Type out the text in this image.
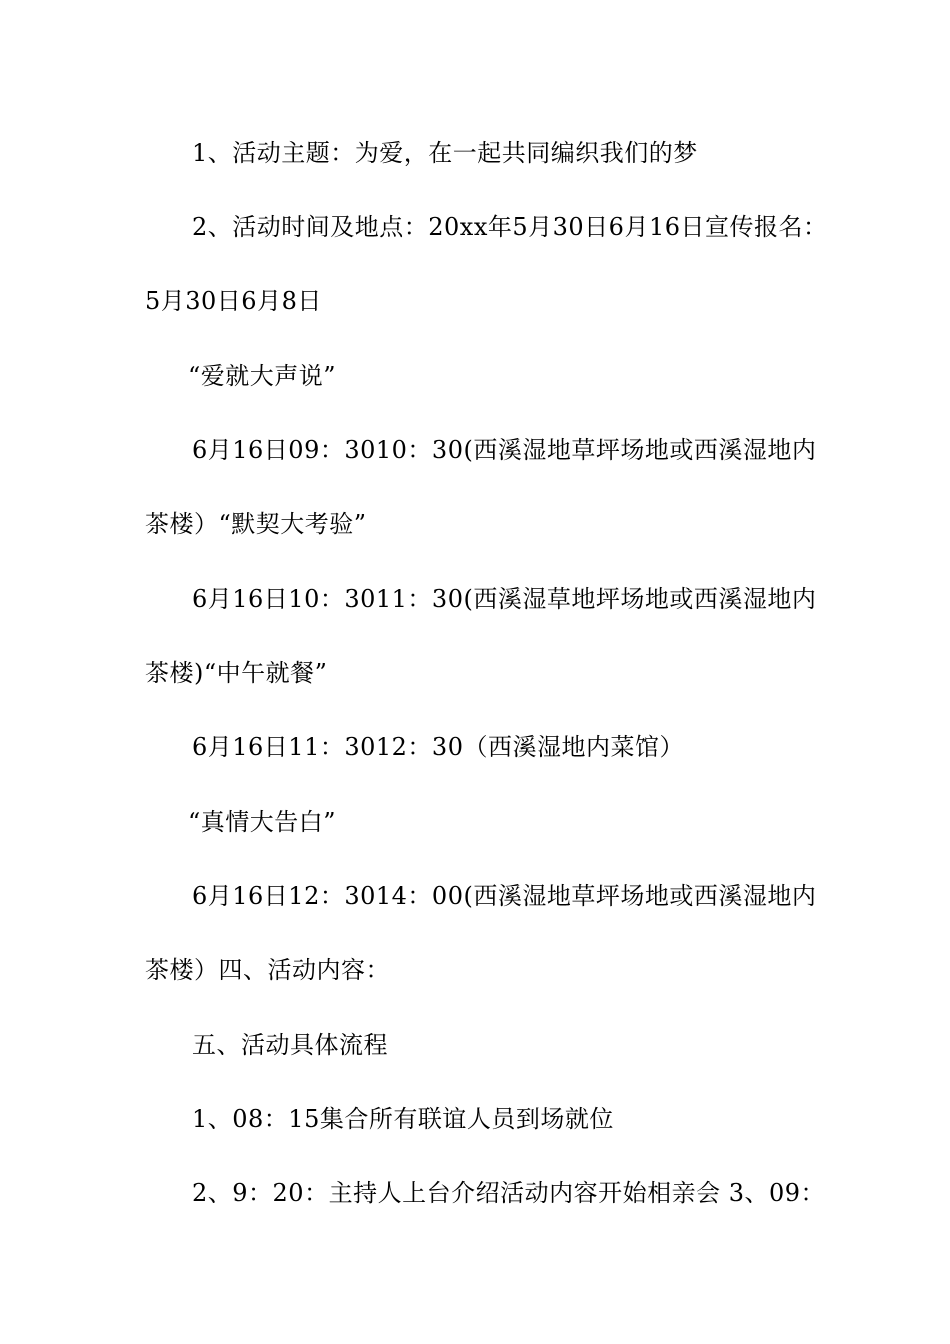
1、活动主题：为爱，在一起共同编织我们的梦

2、活动时间及地点：20xx年5月30日6月16日宣传报名：

5月30日6月8日

“爱就大声说”

6月16日09：3010：30(西溪湿地草坪场地或西溪湿地内

茶楼）“默契大考验”

6月16日10：3011：30(西溪湿草地坪场地或西溪湿地内

茶楼)“中午就餐”

6月16日11：3012：30（西溪湿地内菜馆）

“真情大告白”

6月16日12：3014：00(西溪湿地草坪场地或西溪湿地内

茶楼）四、活动内容：

五、活动具体流程

1、08：15集合所有联谊人员到场就位

2、9：20：主持人上台介绍活动内容开始相亲会 3、09：
